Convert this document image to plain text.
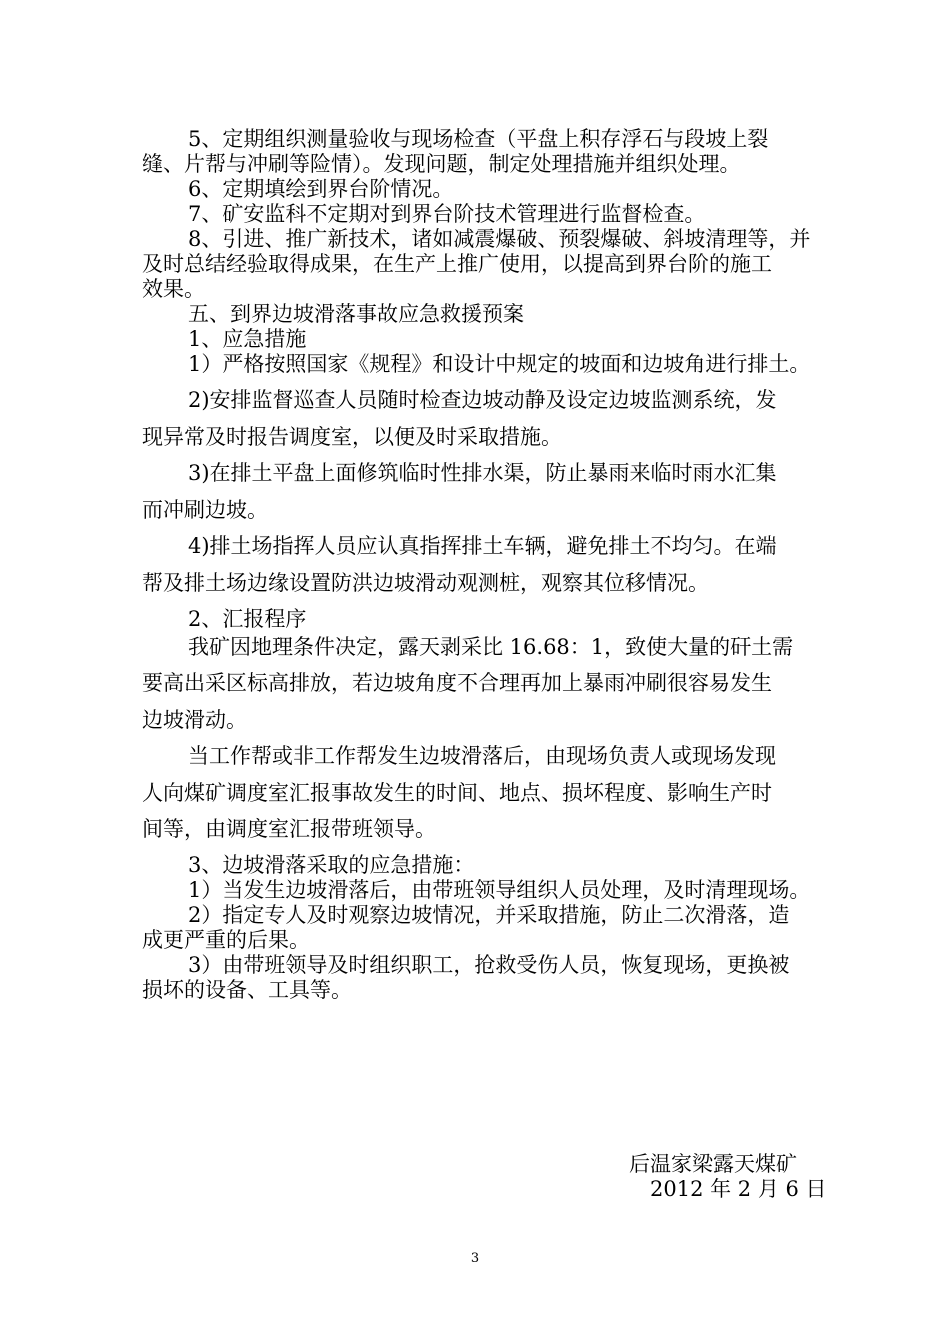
5、定期组织测量验收与现场检查（平盘上积存浮石与段坡上裂
缝、片帮与冲刷等险情）。发现问题，制定处理措施并组织处理。
6、定期填绘到界台阶情况。
7、矿安监科不定期对到界台阶技术管理进行监督检查。
8、引进、推广新技术，诸如减震爆破、预裂爆破、斜坡清理等，并
及时总结经验取得成果，在生产上推广使用，以提高到界台阶的施工
效果。
五、到界边坡滑落事故应急救援预案
1、应急措施
1）严格按照国家《规程》和设计中规定的坡面和边坡角进行排土。
2)安排监督巡查人员随时检查边坡动静及设定边坡监测系统，发
现异常及时报告调度室，以便及时采取措施。
3)在排土平盘上面修筑临时性排水渠，防止暴雨来临时雨水汇集
而冲刷边坡。
4)排土场指挥人员应认真指挥排土车辆，避免排土不均匀。在端
帮及排土场边缘设置防洪边坡滑动观测桩，观察其位移情况。
2、汇报程序
我矿因地理条件决定，露天剥采比 16.68：1，致使大量的矸土需
要高出采区标高排放，若边坡角度不合理再加上暴雨冲刷很容易发生
边坡滑动。
当工作帮或非工作帮发生边坡滑落后，由现场负责人或现场发现
人向煤矿调度室汇报事故发生的时间、地点、损坏程度、影响生产时
间等，由调度室汇报带班领导。
3、边坡滑落采取的应急措施：
1）当发生边坡滑落后，由带班领导组织人员处理，及时清理现场。
2）指定专人及时观察边坡情况，并采取措施，防止二次滑落，造
成更严重的后果。
3）由带班领导及时组织职工，抢救受伤人员，恢复现场，更换被
损坏的设备、工具等。
后温家梁露天煤矿
2012 年 2 月 6 日
3
